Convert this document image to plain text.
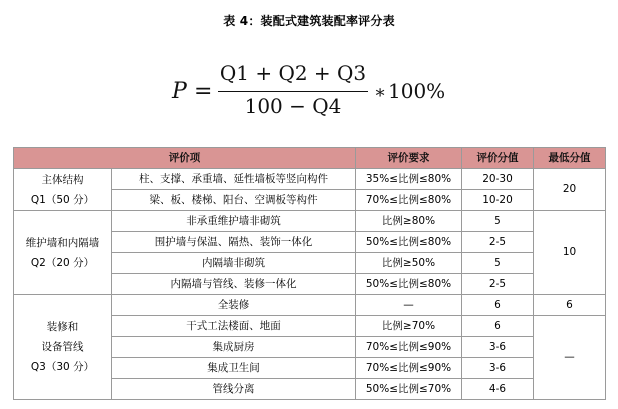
表 4：装配式建筑装配率评分表
P =
Q1 + Q2 + Q3
100 − Q4
∗ 100%
评价项		评价要求	评价分值	最低分值

主体结构
Q1（50 分）	柱、支撑、承重墙、延性墙板等竖向构件	35%≤比例≤80%	20-30	20
	梁、板、楼梯、阳台、空调板等构件	70%≤比例≤80%	10-20	

维护墙和内隔墙
Q2（20 分）	非承重维护墙非砌筑	比例≥80%	5	10
	围护墙与保温、隔热、装饰一体化	50%≤比例≤80%	2-5	
	内隔墙非砌筑	比例≥50%	5	
	内隔墙与管线、装修一体化	50%≤比例≤80%	2-5	

装修和
设备管线
Q3（30 分）	全装修	—	6	6
	干式工法楼面、地面	比例≥70%	6	—
	集成厨房	70%≤比例≤90%	3-6	
	集成卫生间	70%≤比例≤90%	3-6	
	管线分离	50%≤比例≤70%	4-6	
